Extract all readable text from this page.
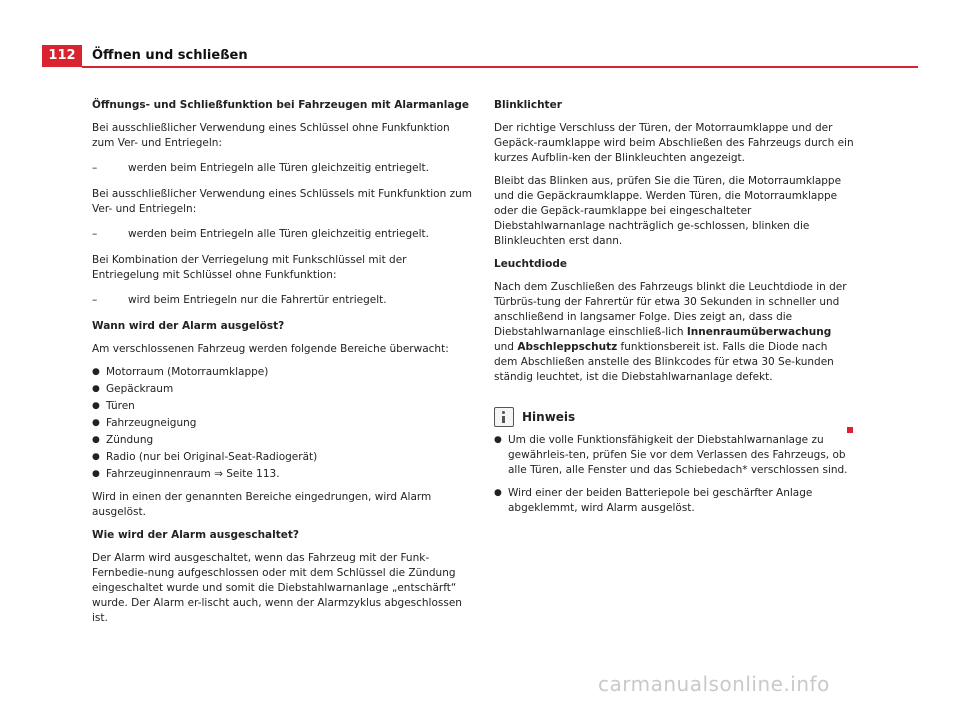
112	Öffnen und schließen

Öffnungs- und Schließfunktion bei Fahrzeugen mit Alarmanlage

Bei ausschließlicher Verwendung eines Schlüssel ohne Funkfunktion zum Ver- und Entriegeln:

–	werden beim Entriegeln alle Türen gleichzeitig entriegelt.

Bei ausschließlicher Verwendung eines Schlüssels mit Funkfunktion zum Ver- und Entriegeln:

–	werden beim Entriegeln alle Türen gleichzeitig entriegelt.

Bei Kombination der Verriegelung mit Funkschlüssel mit der Entriegelung mit Schlüssel ohne Funkfunktion:

–	wird beim Entriegeln nur die Fahrertür entriegelt.

Wann wird der Alarm ausgelöst?

Am verschlossenen Fahrzeug werden folgende Bereiche überwacht:

● Motorraum (Motorraumklappe)
● Gepäckraum
● Türen
● Fahrzeugneigung
● Zündung
● Radio (nur bei Original-Seat-Radiogerät)
● Fahrzeuginnenraum ⇒ Seite 113.

Wird in einen der genannten Bereiche eingedrungen, wird Alarm ausgelöst.

Wie wird der Alarm ausgeschaltet?

Der Alarm wird ausgeschaltet, wenn das Fahrzeug mit der Funk-Fernbedie-nung aufgeschlossen oder mit dem Schlüssel die Zündung eingeschaltet wurde und somit die Diebstahlwarnanlage „entschärft“ wurde. Der Alarm er-lischt auch, wenn der Alarmzyklus abgeschlossen ist.

Blinklichter

Der richtige Verschluss der Türen, der Motorraumklappe und der Gepäck-raumklappe wird beim Abschließen des Fahrzeugs durch ein kurzes Aufblin-ken der Blinkleuchten angezeigt.

Bleibt das Blinken aus, prüfen Sie die Türen, die Motorraumklappe und die Gepäckraumklappe. Werden Türen, die Motorraumklappe oder die Gepäck-raumklappe bei eingeschalteter Diebstahlwarnanlage nachträglich ge-schlossen, blinken die Blinkleuchten erst dann.

Leuchtdiode

Nach dem Zuschließen des Fahrzeugs blinkt die Leuchtdiode in der Türbrüs-tung der Fahrertür für etwa 30 Sekunden in schneller und anschließend in langsamer Folge. Dies zeigt an, dass die Diebstahlwarnanlage einschließ-lich Innenraumüberwachung und Abschleppschutz funktionsbereit ist. Falls die Diode nach dem Abschließen anstelle des Blinkcodes für etwa 30 Se-kunden ständig leuchtet, ist die Diebstahlwarnanlage defekt.

Hinweis
● Um die volle Funktionsfähigkeit der Diebstahlwarnanlage zu gewährleis-ten, prüfen Sie vor dem Verlassen des Fahrzeugs, ob alle Türen, alle Fenster und das Schiebedach* verschlossen sind.
● Wird einer der beiden Batteriepole bei geschärfter Anlage abgeklemmt, wird Alarm ausgelöst.
carmanualsonline.info
